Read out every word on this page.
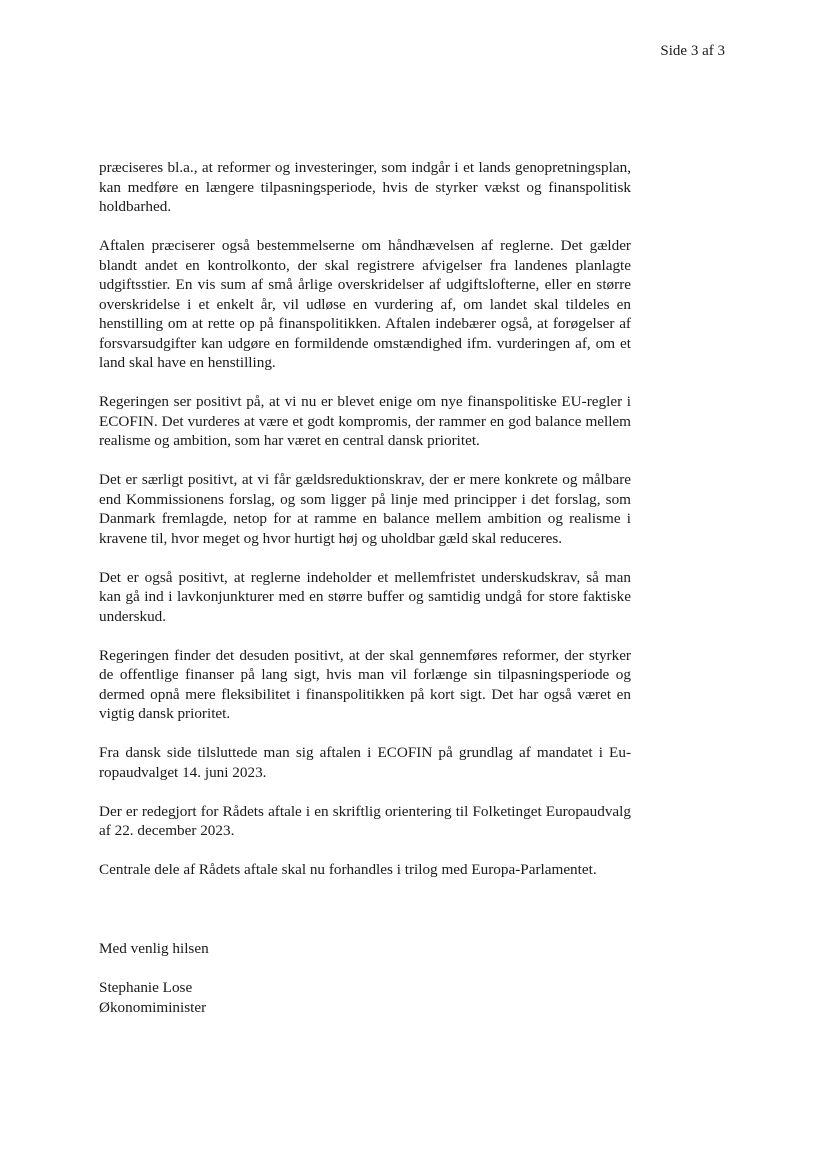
Side 3 af 3

præciseres bl.a., at reformer og investeringer, som indgår i et lands genopretningsplan, kan medføre en længere tilpasningsperiode, hvis de styrker vækst og finanspolitisk holdbarhed.

Aftalen præciserer også bestemmelserne om håndhævelsen af reglerne. Det gælder blandt andet en kontrolkonto, der skal registrere afvigelser fra landenes planlagte udgiftsstier. En vis sum af små årlige overskridelser af udgiftslofterne, eller en større overskridelse i et enkelt år, vil udløse en vurdering af, om landet skal tildeles en henstilling om at rette op på finanspolitikken. Aftalen indebærer også, at forøgelser af forsvarsudgifter kan udgøre en formildende omstændighed ifm. vurderingen af, om et land skal have en henstilling.

Regeringen ser positivt på, at vi nu er blevet enige om nye finanspolitiske EU-regler i ECOFIN. Det vurderes at være et godt kompromis, der rammer en god balance mellem realisme og ambition, som har været en central dansk prioritet.

Det er særligt positivt, at vi får gældsreduktionskrav, der er mere konkrete og målbare end Kommissionens forslag, og som ligger på linje med principper i det forslag, som Danmark fremlagde, netop for at ramme en balance mellem ambition og realisme i kravene til, hvor meget og hvor hurtigt høj og uholdbar gæld skal reduceres.

Det er også positivt, at reglerne indeholder et mellemfristet underskudskrav, så man kan gå ind i lavkonjunkturer med en større buffer og samtidig undgå for store faktiske underskud.

Regeringen finder det desuden positivt, at der skal gennemføres reformer, der styrker de offentlige finanser på lang sigt, hvis man vil forlænge sin tilpasningsperiode og dermed opnå mere fleksibilitet i finanspolitikken på kort sigt. Det har også været en vigtig dansk prioritet.

Fra dansk side tilsluttede man sig aftalen i ECOFIN på grundlag af mandatet i Europaudvalget 14. juni 2023.

Der er redegjort for Rådets aftale i en skriftlig orientering til Folketinget Europaudvalg af 22. december 2023.

Centrale dele af Rådets aftale skal nu forhandles i trilog med Europa-Parlamentet.

Med venlig hilsen

Stephanie Lose
Økonomiminister
